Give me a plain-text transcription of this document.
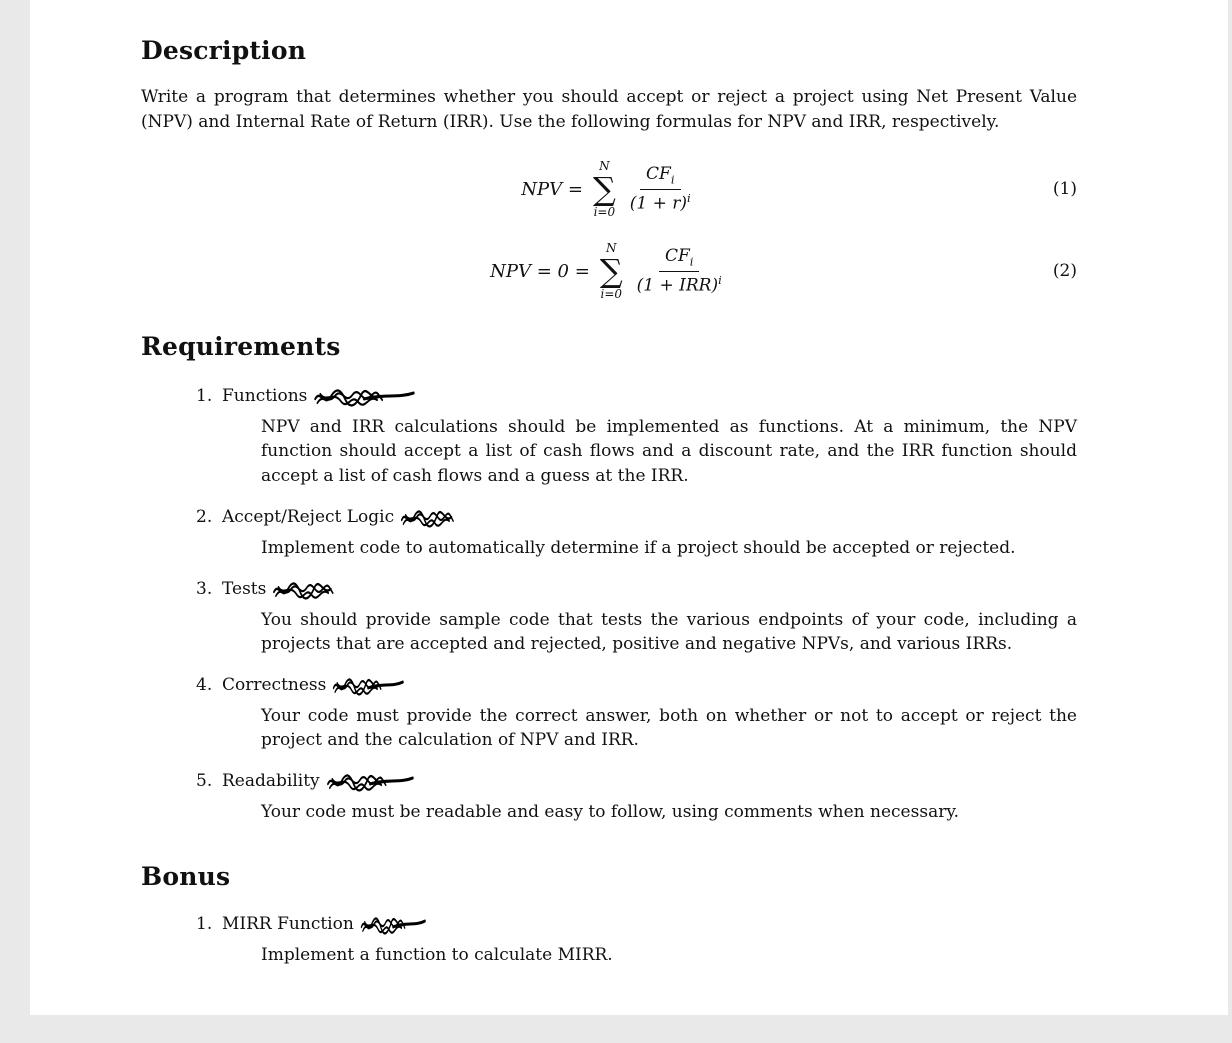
Description

Write a program that determines whether you should accept or reject a project using Net Present Value (NPV) and Internal Rate of Return (IRR). Use the following formulas for NPV and IRR, respectively.

NPV =
N
∑
$i=0 \frac{CF_i}{(1 + r)^i}$	(1)
NPV = 0 =
N
∑
$i=0 \frac{CF_i}{(1 + IRR)^i}$	(2)
Requirements
1. Functions

NPV and IRR calculations should be implemented as functions. At a minimum, the NPV function should accept a list of cash flows and a discount rate, and the IRR function should accept a list of cash flows and a guess at the IRR.

2. Accept/Reject Logic

Implement code to automatically determine if a project should be accepted or rejected.

3. Tests

You should provide sample code that tests the various endpoints of your code, including a projects that are accepted and rejected, positive and negative NPVs, and various IRRs.

4. Correctness

Your code must provide the correct answer, both on whether or not to accept or reject the project and the calculation of NPV and IRR.

5. Readability

Your code must be readable and easy to follow, using comments when necessary.

Bonus
1. MIRR Function

Implement a function to calculate MIRR.
